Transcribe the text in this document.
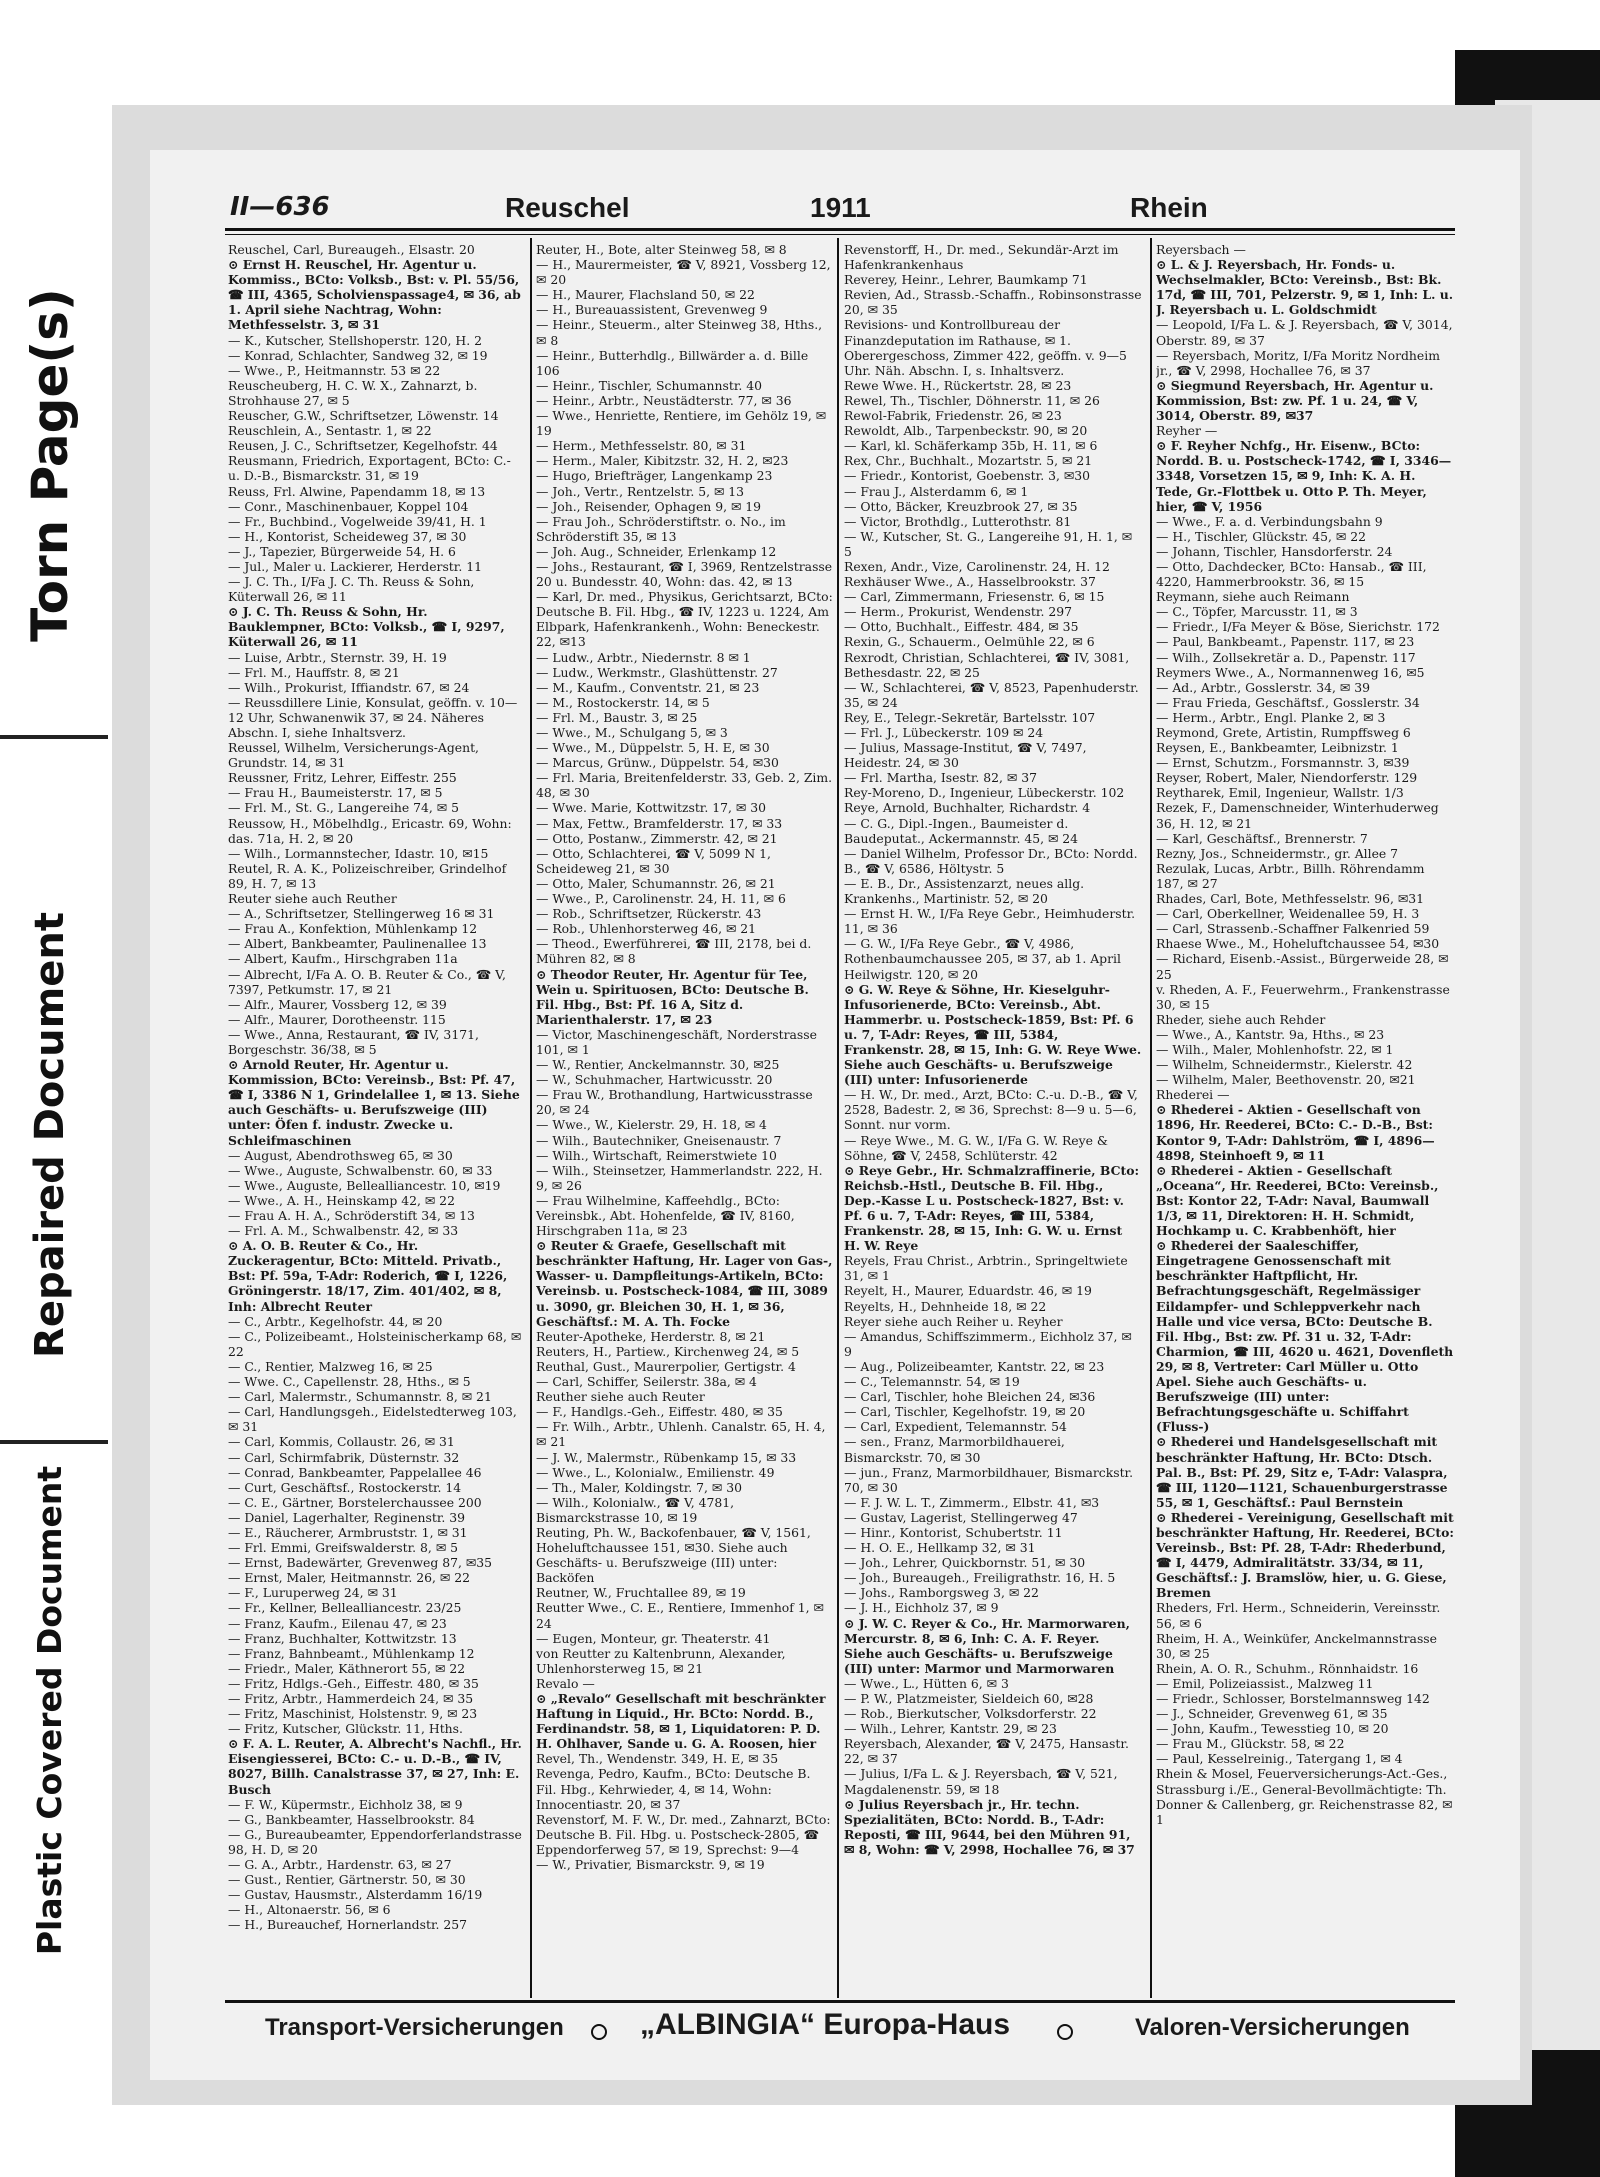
Torn Page(s)
Repaired Document
Plastic Covered Document
II—636	Reuschel	1911	Rhein

Reuschel, Carl, Bureaugeh., Elsastr. 20

⊙ Ernst H. Reuschel, Hr. Agentur u. Kommiss., BCto: Volksb., Bst: v. Pl. 55/56, ☎ III, 4365, Scholvienspassage4, ✉ 36, ab 1. April siehe Nachtrag, Wohn: Methfesselstr. 3, ✉ 31

— K., Kutscher, Stellshoperstr. 120, H. 2

— Konrad, Schlachter, Sandweg 32, ✉ 19

— Wwe., P., Heitmannstr. 53 ✉ 22

Reuscheuberg, H. C. W. X., Zahnarzt, b. Strohhause 27, ✉ 5

Reuscher, G.W., Schriftsetzer, Löwenstr. 14

Reuschlein, A., Sentastr. 1, ✉ 22

Reusen, J. C., Schriftsetzer, Kegelhofstr. 44

Reusmann, Friedrich, Exportagent, BCto: C.- u. D.-B., Bismarckstr. 31, ✉ 19

Reuss, Frl. Alwine, Papendamm 18, ✉ 13

— Conr., Maschinenbauer, Koppel 104

— Fr., Buchbind., Vogelweide 39/41, H. 1

— H., Kontorist, Scheideweg 37, ✉ 30

— J., Tapezier, Bürgerweide 54, H. 6

— Jul., Maler u. Lackierer, Herderstr. 11

— J. C. Th., I/Fa J. C. Th. Reuss & Sohn, Küterwall 26, ✉ 11

⊙ J. C. Th. Reuss & Sohn, Hr. Bauklempner, BCto: Volksb., ☎ I, 9297, Küterwall 26, ✉ 11

— Luise, Arbtr., Sternstr. 39, H. 19

— Frl. M., Hauffstr. 8, ✉ 21

— Wilh., Prokurist, Iffiandstr. 67, ✉ 24

— Reussdillere Linie, Konsulat, geöffn. v. 10—12 Uhr, Schwanenwik 37, ✉ 24. Näheres Abschn. I, siehe Inhaltsverz.

Reussel, Wilhelm, Versicherungs-Agent, Grundstr. 14, ✉ 31

Reussner, Fritz, Lehrer, Eiffestr. 255

— Frau H., Baumeisterstr. 17, ✉ 5

— Frl. M., St. G., Langereihe 74, ✉ 5

Reussow, H., Möbelhdlg., Ericastr. 69, Wohn: das. 71a, H. 2, ✉ 20

— Wilh., Lormannstecher, Idastr. 10, ✉15

Reutel, R. A. K., Polizeischreiber, Grindelhof 89, H. 7, ✉ 13

Reuter siehe auch Reuther

— A., Schriftsetzer, Stellingerweg 16 ✉ 31

— Frau A., Konfektion, Mühlenkamp 12

— Albert, Bankbeamter, Paulinenallee 13

— Albert, Kaufm., Hirschgraben 11a

— Albrecht, I/Fa A. O. B. Reuter & Co., ☎ V, 7397, Petkumstr. 17, ✉ 21

— Alfr., Maurer, Vossberg 12, ✉ 39

— Alfr., Maurer, Dorotheenstr. 115

— Wwe., Anna, Restaurant, ☎ IV, 3171, Borgeschstr. 36/38, ✉ 5

⊙ Arnold Reuter, Hr. Agentur u. Kommission, BCto: Vereinsb., Bst: Pf. 47, ☎ I, 3386 N 1, Grindelallee 1, ✉ 13. Siehe auch Geschäfts- u. Berufszweige (III) unter: Öfen f. industr. Zwecke u. Schleifmaschinen

— August, Abendrothsweg 65, ✉ 30

— Wwe., Auguste, Schwalbenstr. 60, ✉ 33

— Wwe., Auguste, Bellealliancestr. 10, ✉19

— Wwe., A. H., Heinskamp 42, ✉ 22

— Frau A. H. A., Schröderstift 34, ✉ 13

— Frl. A. M., Schwalbenstr. 42, ✉ 33

⊙ A. O. B. Reuter & Co., Hr. Zuckeragentur, BCto: Mitteld. Privatb., Bst: Pf. 59a, T-Adr: Roderich, ☎ I, 1226, Gröningerstr. 18/17, Zim. 401/402, ✉ 8, Inh: Albrecht Reuter

— C., Arbtr., Kegelhofstr. 44, ✉ 20

— C., Polizeibeamt., Holsteinischerkamp 68, ✉ 22

— C., Rentier, Malzweg 16, ✉ 25

— Wwe. C., Capellenstr. 28, Hths., ✉ 5

— Carl, Malermstr., Schumannstr. 8, ✉ 21

— Carl, Handlungsgeh., Eidelstedterweg 103, ✉ 31

— Carl, Kommis, Collaustr. 26, ✉ 31

— Carl, Schirmfabrik, Düsternstr. 32

— Conrad, Bankbeamter, Pappelallee 46

— Curt, Geschäftsf., Rostockerstr. 14

— C. E., Gärtner, Borstelerchaussee 200

— Daniel, Lagerhalter, Reginenstr. 39

— E., Räucherer, Armbruststr. 1, ✉ 31

— Frl. Emmi, Greifswalderstr. 8, ✉ 5

— Ernst, Badewärter, Grevenweg 87, ✉35

— Ernst, Maler, Heitmannstr. 26, ✉ 22

— F., Luruperweg 24, ✉ 31

— Fr., Kellner, Bellealliancestr. 23/25

— Franz, Kaufm., Eilenau 47, ✉ 23

— Franz, Buchhalter, Kottwitzstr. 13

— Franz, Bahnbeamt., Mühlenkamp 12

— Friedr., Maler, Käthnerort 55, ✉ 22

— Fritz, Hdlgs.-Geh., Eiffestr. 480, ✉ 35

— Fritz, Arbtr., Hammerdeich 24, ✉ 35

— Fritz, Maschinist, Holstenstr. 9, ✉ 23

— Fritz, Kutscher, Glückstr. 11, Hths.

⊙ F. A. L. Reuter, A. Albrecht's Nachfl., Hr. Eisengiesserei, BCto: C.- u. D.-B., ☎ IV, 8027, Billh. Canalstrasse 37, ✉ 27, Inh: E. Busch

— F. W., Küpermstr., Eichholz 38, ✉ 9

— G., Bankbeamter, Hasselbrookstr. 84

— G., Bureaubeamter, Eppendorferlandstrasse 98, H. D, ✉ 20

— G. A., Arbtr., Hardenstr. 63, ✉ 27

— Gust., Rentier, Gärtnerstr. 50, ✉ 30

— Gustav, Hausmstr., Alsterdamm 16/19

— H., Altonaerstr. 56, ✉ 6

— H., Bureauchef, Hornerlandstr. 257

Reuter, H., Bote, alter Steinweg 58, ✉ 8

— H., Maurermeister, ☎ V, 8921, Vossberg 12, ✉ 20

— H., Maurer, Flachsland 50, ✉ 22

— H., Bureauassistent, Grevenweg 9

— Heinr., Steuerm., alter Steinweg 38, Hths., ✉ 8

— Heinr., Butterhdlg., Billwärder a. d. Bille 106

— Heinr., Tischler, Schumannstr. 40

— Heinr., Arbtr., Neustädterstr. 77, ✉ 36

— Wwe., Henriette, Rentiere, im Gehölz 19, ✉ 19

— Herm., Methfesselstr. 80, ✉ 31

— Herm., Maler, Kibitzstr. 32, H. 2, ✉23

— Hugo, Briefträger, Langenkamp 23

— Joh., Vertr., Rentzelstr. 5, ✉ 13

— Joh., Reisender, Ophagen 9, ✉ 19

— Frau Joh., Schröderstiftstr. o. No., im Schröderstift 35, ✉ 13

— Joh. Aug., Schneider, Erlenkamp 12

— Johs., Restaurant, ☎ I, 3969, Rentzelstrasse 20 u. Bundesstr. 40, Wohn: das. 42, ✉ 13

— Karl, Dr. med., Physikus, Gerichtsarzt, BCto: Deutsche B. Fil. Hbg., ☎ IV, 1223 u. 1224, Am Elbpark, Hafenkrankenh., Wohn: Beneckestr. 22, ✉13

— Ludw., Arbtr., Niedernstr. 8 ✉ 1

— Ludw., Werkmstr., Glashüttenstr. 27

— M., Kaufm., Conventstr. 21, ✉ 23

— M., Rostockerstr. 14, ✉ 5

— Frl. M., Baustr. 3, ✉ 25

— Wwe., M., Schulgang 5, ✉ 3

— Wwe., M., Düppelstr. 5, H. E, ✉ 30

— Marcus, Grünw., Düppelstr. 54, ✉30

— Frl. Maria, Breitenfelderstr. 33, Geb. 2, Zim. 48, ✉ 30

— Wwe. Marie, Kottwitzstr. 17, ✉ 30

— Max, Fettw., Bramfelderstr. 17, ✉ 33

— Otto, Postanw., Zimmerstr. 42, ✉ 21

— Otto, Schlachterei, ☎ V, 5099 N 1, Scheideweg 21, ✉ 30

— Otto, Maler, Schumannstr. 26, ✉ 21

— Wwe., P., Carolinenstr. 24, H. 11, ✉ 6

— Rob., Schriftsetzer, Rückerstr. 43

— Rob., Uhlenhorsterweg 46, ✉ 21

— Theod., Ewerführerei, ☎ III, 2178, bei d. Mühren 82, ✉ 8

⊙ Theodor Reuter, Hr. Agentur für Tee, Wein u. Spirituosen, BCto: Deutsche B. Fil. Hbg., Bst: Pf. 16 A, Sitz d. Marienthalerstr. 17, ✉ 23

— Victor, Maschinengeschäft, Norderstrasse 101, ✉ 1

— W., Rentier, Anckelmannstr. 30, ✉25

— W., Schuhmacher, Hartwicusstr. 20

— Frau W., Brothandlung, Hartwicusstrasse 20, ✉ 24

— Wwe., W., Kielerstr. 29, H. 18, ✉ 4

— Wilh., Bautechniker, Gneisenaustr. 7

— Wilh., Wirtschaft, Reimerstwiete 10

— Wilh., Steinsetzer, Hammerlandstr. 222, H. 9, ✉ 26

— Frau Wilhelmine, Kaffeehdlg., BCto: Vereinsbk., Abt. Hohenfelde, ☎ IV, 8160, Hirschgraben 11a, ✉ 23

⊙ Reuter & Graefe, Gesellschaft mit beschränkter Haftung, Hr. Lager von Gas-, Wasser- u. Dampfleitungs-Artikeln, BCto: Vereinsb. u. Postscheck-1084, ☎ III, 3089 u. 3090, gr. Bleichen 30, H. 1, ✉ 36, Geschäftsf.: M. A. Th. Focke

Reuter-Apotheke, Herderstr. 8, ✉ 21

Reuters, H., Partiew., Kirchenweg 24, ✉ 5

Reuthal, Gust., Maurerpolier, Gertigstr. 4

— Carl, Schiffer, Seilerstr. 38a, ✉ 4

Reuther siehe auch Reuter

— F., Handlgs.-Geh., Eiffestr. 480, ✉ 35

— Fr. Wilh., Arbtr., Uhlenh. Canalstr. 65, H. 4, ✉ 21

— J. W., Malermstr., Rübenkamp 15, ✉ 33

— Wwe., L., Kolonialw., Emilienstr. 49

— Th., Maler, Koldingstr. 7, ✉ 30

— Wilh., Kolonialw., ☎ V, 4781, Bismarckstrasse 10, ✉ 19

Reuting, Ph. W., Backofenbauer, ☎ V, 1561, Hoheluftchaussee 151, ✉30. Siehe auch Geschäfts- u. Berufszweige (III) unter: Backöfen

Reutner, W., Fruchtallee 89, ✉ 19

Reutter Wwe., C. E., Rentiere, Immenhof 1, ✉ 24

— Eugen, Monteur, gr. Theaterstr. 41

von Reutter zu Kaltenbrunn, Alexander, Uhlenhorsterweg 15, ✉ 21

Revalo —

⊙ „Revalo“ Gesellschaft mit beschränkter Haftung in Liquid., Hr. BCto: Nordd. B., Ferdinandstr. 58, ✉ 1, Liquidatoren: P. D. H. Ohlhaver, Sande u. G. A. Roosen, hier

Revel, Th., Wendenstr. 349, H. E, ✉ 35

Revenga, Pedro, Kaufm., BCto: Deutsche B. Fil. Hbg., Kehrwieder, 4, ✉ 14, Wohn: Innocentiastr. 20, ✉ 37

Revenstorf, M. F. W., Dr. med., Zahnarzt, BCto: Deutsche B. Fil. Hbg. u. Postscheck-2805, ☎ Eppendorferweg 57, ✉ 19, Sprechst: 9—4

— W., Privatier, Bismarckstr. 9, ✉ 19

Revenstorff, H., Dr. med., Sekundär-Arzt im Hafenkrankenhaus

Reverey, Heinr., Lehrer, Baumkamp 71

Revien, Ad., Strassb.-Schaffn., Robinsonstrasse 20, ✉ 35

Revisions- und Kontrollbureau der Finanzdeputation im Rathause, ✉ 1. Oberergeschoss, Zimmer 422, geöffn. v. 9—5 Uhr. Näh. Abschn. I, s. Inhaltsverz.

Rewe Wwe. H., Rückertstr. 28, ✉ 23

Rewel, Th., Tischler, Döhnerstr. 11, ✉ 26

Rewol-Fabrik, Friedenstr. 26, ✉ 23

Rewoldt, Alb., Tarpenbeckstr. 90, ✉ 20

— Karl, kl. Schäferkamp 35b, H. 11, ✉ 6

Rex, Chr., Buchhalt., Mozartstr. 5, ✉ 21

— Friedr., Kontorist, Goebenstr. 3, ✉30

— Frau J., Alsterdamm 6, ✉ 1

— Otto, Bäcker, Kreuzbrook 27, ✉ 35

— Victor, Brothdlg., Lutterothstr. 81

— W., Kutscher, St. G., Langereihe 91, H. 1, ✉ 5

Rexen, Andr., Vize, Carolinenstr. 24, H. 12

Rexhäuser Wwe., A., Hasselbrookstr. 37

— Carl, Zimmermann, Friesenstr. 6, ✉ 15

— Herm., Prokurist, Wendenstr. 297

— Otto, Buchhalt., Eiffestr. 484, ✉ 35

Rexin, G., Schauerm., Oelmühle 22, ✉ 6

Rexrodt, Christian, Schlachterei, ☎ IV, 3081, Bethesdastr. 22, ✉ 25

— W., Schlachterei, ☎ V, 8523, Papenhuderstr. 35, ✉ 24

Rey, E., Telegr.-Sekretär, Bartelsstr. 107

— Frl. J., Lübeckerstr. 109 ✉ 24

— Julius, Massage-Institut, ☎ V, 7497, Heidestr. 24, ✉ 30

— Frl. Martha, Isestr. 82, ✉ 37

Rey-Moreno, D., Ingenieur, Lübeckerstr. 102

Reye, Arnold, Buchhalter, Richardstr. 4

— C. G., Dipl.-Ingen., Baumeister d. Baudeputat., Ackermannstr. 45, ✉ 24

— Daniel Wilhelm, Professor Dr., BCto: Nordd. B., ☎ V, 6586, Höltystr. 5

— E. B., Dr., Assistenzarzt, neues allg. Krankenhs., Martinistr. 52, ✉ 20

— Ernst H. W., I/Fa Reye Gebr., Heimhuderstr. 11, ✉ 36

— G. W., I/Fa Reye Gebr., ☎ V, 4986, Rothenbaumchaussee 205, ✉ 37, ab 1. April Heilwigstr. 120, ✉ 20

⊙ G. W. Reye & Söhne, Hr. Kieselguhr-Infusorienerde, BCto: Vereinsb., Abt. Hammerbr. u. Postscheck-1859, Bst: Pf. 6 u. 7, T-Adr: Reyes, ☎ III, 5384, Frankenstr. 28, ✉ 15, Inh: G. W. Reye Wwe. Siehe auch Geschäfts- u. Berufszweige (III) unter: Infusorienerde

— H. W., Dr. med., Arzt, BCto: C.-u. D.-B., ☎ V, 2528, Badestr. 2, ✉ 36, Sprechst: 8—9 u. 5—6, Sonnt. nur vorm.

— Reye Wwe., M. G. W., I/Fa G. W. Reye & Söhne, ☎ V, 2458, Schlüterstr. 42

⊙ Reye Gebr., Hr. Schmalzraffinerie, BCto: Reichsb.-Hstl., Deutsche B. Fil. Hbg., Dep.-Kasse L u. Postscheck-1827, Bst: v. Pf. 6 u. 7, T-Adr: Reyes, ☎ III, 5384, Frankenstr. 28, ✉ 15, Inh: G. W. u. Ernst H. W. Reye

Reyels, Frau Christ., Arbtrin., Springeltwiete 31, ✉ 1

Reyelt, H., Maurer, Eduardstr. 46, ✉ 19

Reyelts, H., Dehnheide 18, ✉ 22

Reyer siehe auch Reiher u. Reyher

— Amandus, Schiffszimmerm., Eichholz 37, ✉ 9

— Aug., Polizeibeamter, Kantstr. 22, ✉ 23

— C., Telemannstr. 54, ✉ 19

— Carl, Tischler, hohe Bleichen 24, ✉36

— Carl, Tischler, Kegelhofstr. 19, ✉ 20

— Carl, Expedient, Telemannstr. 54

— sen., Franz, Marmorbildhauerei, Bismarckstr. 70, ✉ 30

— jun., Franz, Marmorbildhauer, Bismarckstr. 70, ✉ 30

— F. J. W. L. T., Zimmerm., Elbstr. 41, ✉3

— Gustav, Lagerist, Stellingerweg 47

— Hinr., Kontorist, Schubertstr. 11

— H. O. E., Hellkamp 32, ✉ 31

— Joh., Lehrer, Quickbornstr. 51, ✉ 30

— Joh., Bureaugeh., Freiligrathstr. 16, H. 5

— Johs., Ramborgsweg 3, ✉ 22

— J. H., Eichholz 37, ✉ 9

⊙ J. W. C. Reyer & Co., Hr. Marmorwaren, Mercurstr. 8, ✉ 6, Inh: C. A. F. Reyer. Siehe auch Geschäfts- u. Berufszweige (III) unter: Marmor und Marmorwaren

— Wwe., L., Hütten 6, ✉ 3

— P. W., Platzmeister, Sieldeich 60, ✉28

— Rob., Bierkutscher, Volksdorferstr. 22

— Wilh., Lehrer, Kantstr. 29, ✉ 23

Reyersbach, Alexander, ☎ V, 2475, Hansastr. 22, ✉ 37

— Julius, I/Fa L. & J. Reyersbach, ☎ V, 521, Magdalenenstr. 59, ✉ 18

⊙ Julius Reyersbach jr., Hr. techn. Spezialitäten, BCto: Nordd. B., T-Adr: Reposti, ☎ III, 9644, bei den Mühren 91, ✉ 8, Wohn: ☎ V, 2998, Hochallee 76, ✉ 37

Reyersbach —

⊙ L. & J. Reyersbach, Hr. Fonds- u. Wechselmakler, BCto: Vereinsb., Bst: Bk. 17d, ☎ III, 701, Pelzerstr. 9, ✉ 1, Inh: L. u. J. Reyersbach u. L. Goldschmidt

— Leopold, I/Fa L. & J. Reyersbach, ☎ V, 3014, Oberstr. 89, ✉ 37

— Reyersbach, Moritz, I/Fa Moritz Nordheim jr., ☎ V, 2998, Hochallee 76, ✉ 37

⊙ Siegmund Reyersbach, Hr. Agentur u. Kommission, Bst: zw. Pf. 1 u. 24, ☎ V, 3014, Oberstr. 89, ✉37

Reyher —

⊙ F. Reyher Nchfg., Hr. Eisenw., BCto: Nordd. B. u. Postscheck-1742, ☎ I, 3346—3348, Vorsetzen 15, ✉ 9, Inh: K. A. H. Tede, Gr.-Flottbek u. Otto P. Th. Meyer, hier, ☎ V, 1956

— Wwe., F. a. d. Verbindungsbahn 9

— H., Tischler, Glückstr. 45, ✉ 22

— Johann, Tischler, Hansdorferstr. 24

— Otto, Dachdecker, BCto: Hansab., ☎ III, 4220, Hammerbrookstr. 36, ✉ 15

Reymann, siehe auch Reimann

— C., Töpfer, Marcusstr. 11, ✉ 3

— Friedr., I/Fa Meyer & Böse, Sierichstr. 172

— Paul, Bankbeamt., Papenstr. 117, ✉ 23

— Wilh., Zollsekretär a. D., Papenstr. 117

Reymers Wwe., A., Normannenweg 16, ✉5

— Ad., Arbtr., Gosslerstr. 34, ✉ 39

— Frau Frieda, Geschäftsf., Gosslerstr. 34

— Herm., Arbtr., Engl. Planke 2, ✉ 3

Reymond, Grete, Artistin, Rumpffsweg 6

Reysen, E., Bankbeamter, Leibnizstr. 1

— Ernst, Schutzm., Forsmannstr. 3, ✉39

Reyser, Robert, Maler, Niendorferstr. 129

Reytharek, Emil, Ingenieur, Wallstr. 1/3

Rezek, F., Damenschneider, Winterhuderweg 36, H. 12, ✉ 21

— Karl, Geschäftsf., Brennerstr. 7

Rezny, Jos., Schneidermstr., gr. Allee 7

Rezulak, Lucas, Arbtr., Billh. Röhrendamm 187, ✉ 27

Rhades, Carl, Bote, Methfesselstr. 96, ✉31

— Carl, Oberkellner, Weidenallee 59, H. 3

— Carl, Strassenb.-Schaffner Falkenried 59

Rhaese Wwe., M., Hoheluftchaussee 54, ✉30

— Richard, Eisenb.-Assist., Bürgerweide 28, ✉ 25

v. Rheden, A. F., Feuerwehrm., Frankenstrasse 30, ✉ 15

Rheder, siehe auch Rehder

— Wwe., A., Kantstr. 9a, Hths., ✉ 23

— Wilh., Maler, Mohlenhofstr. 22, ✉ 1

— Wilhelm, Schneidermstr., Kielerstr. 42

— Wilhelm, Maler, Beethovenstr. 20, ✉21

Rhederei —

⊙ Rhederei - Aktien - Gesellschaft von 1896, Hr. Reederei, BCto: C.- D.-B., Bst: Kontor 9, T-Adr: Dahlström, ☎ I, 4896—4898, Steinhoeft 9, ✉ 11

⊙ Rhederei - Aktien - Gesellschaft „Oceana“, Hr. Reederei, BCto: Vereinsb., Bst: Kontor 22, T-Adr: Naval, Baumwall 1/3, ✉ 11, Direktoren: H. H. Schmidt, Hochkamp u. C. Krabbenhöft, hier

⊙ Rhederei der Saaleschiffer, Eingetragene Genossenschaft mit beschränkter Haftpflicht, Hr. Befrachtungsgeschäft, Regelmässiger Eildampfer- und Schleppverkehr nach Halle und vice versa, BCto: Deutsche B. Fil. Hbg., Bst: zw. Pf. 31 u. 32, T-Adr: Charmion, ☎ III, 4620 u. 4621, Dovenfleth 29, ✉ 8, Vertreter: Carl Müller u. Otto Apel. Siehe auch Geschäfts- u. Berufszweige (III) unter: Befrachtungsgeschäfte u. Schiffahrt (Fluss-)

⊙ Rhederei und Handelsgesellschaft mit beschränkter Haftung, Hr. BCto: Dtsch. Pal. B., Bst: Pf. 29, Sitz e, T-Adr: Valaspra, ☎ III, 1120—1121, Schauenburgerstrasse 55, ✉ 1, Geschäftsf.: Paul Bernstein

⊙ Rhederei - Vereinigung, Gesellschaft mit beschränkter Haftung, Hr. Reederei, BCto: Vereinsb., Bst: Pf. 28, T-Adr: Rhederbund, ☎ I, 4479, Admiralitätstr. 33/34, ✉ 11, Geschäftsf.: J. Bramslöw, hier, u. G. Giese, Bremen

Rheders, Frl. Herm., Schneiderin, Vereinsstr. 56, ✉ 6

Rheim, H. A., Weinküfer, Anckelmannstrasse 30, ✉ 25

Rhein, A. O. R., Schuhm., Rönnhaidstr. 16

— Emil, Polizeiassist., Malzweg 11

— Friedr., Schlosser, Borstelmannsweg 142

— J., Schneider, Grevenweg 61, ✉ 35

— John, Kaufm., Tewesstieg 10, ✉ 20

— Frau M., Glückstr. 58, ✉ 22

— Paul, Kesselreinig., Tatergang 1, ✉ 4

Rhein & Mosel, Feuerversicherungs-Act.-Ges., Strassburg i./E., General-Bevollmächtigte: Th. Donner & Callenberg, gr. Reichenstrasse 82, ✉ 1

Transport-Versicherungen	„ALBINGIA“ Europa-Haus	Valoren-Versicherungen
